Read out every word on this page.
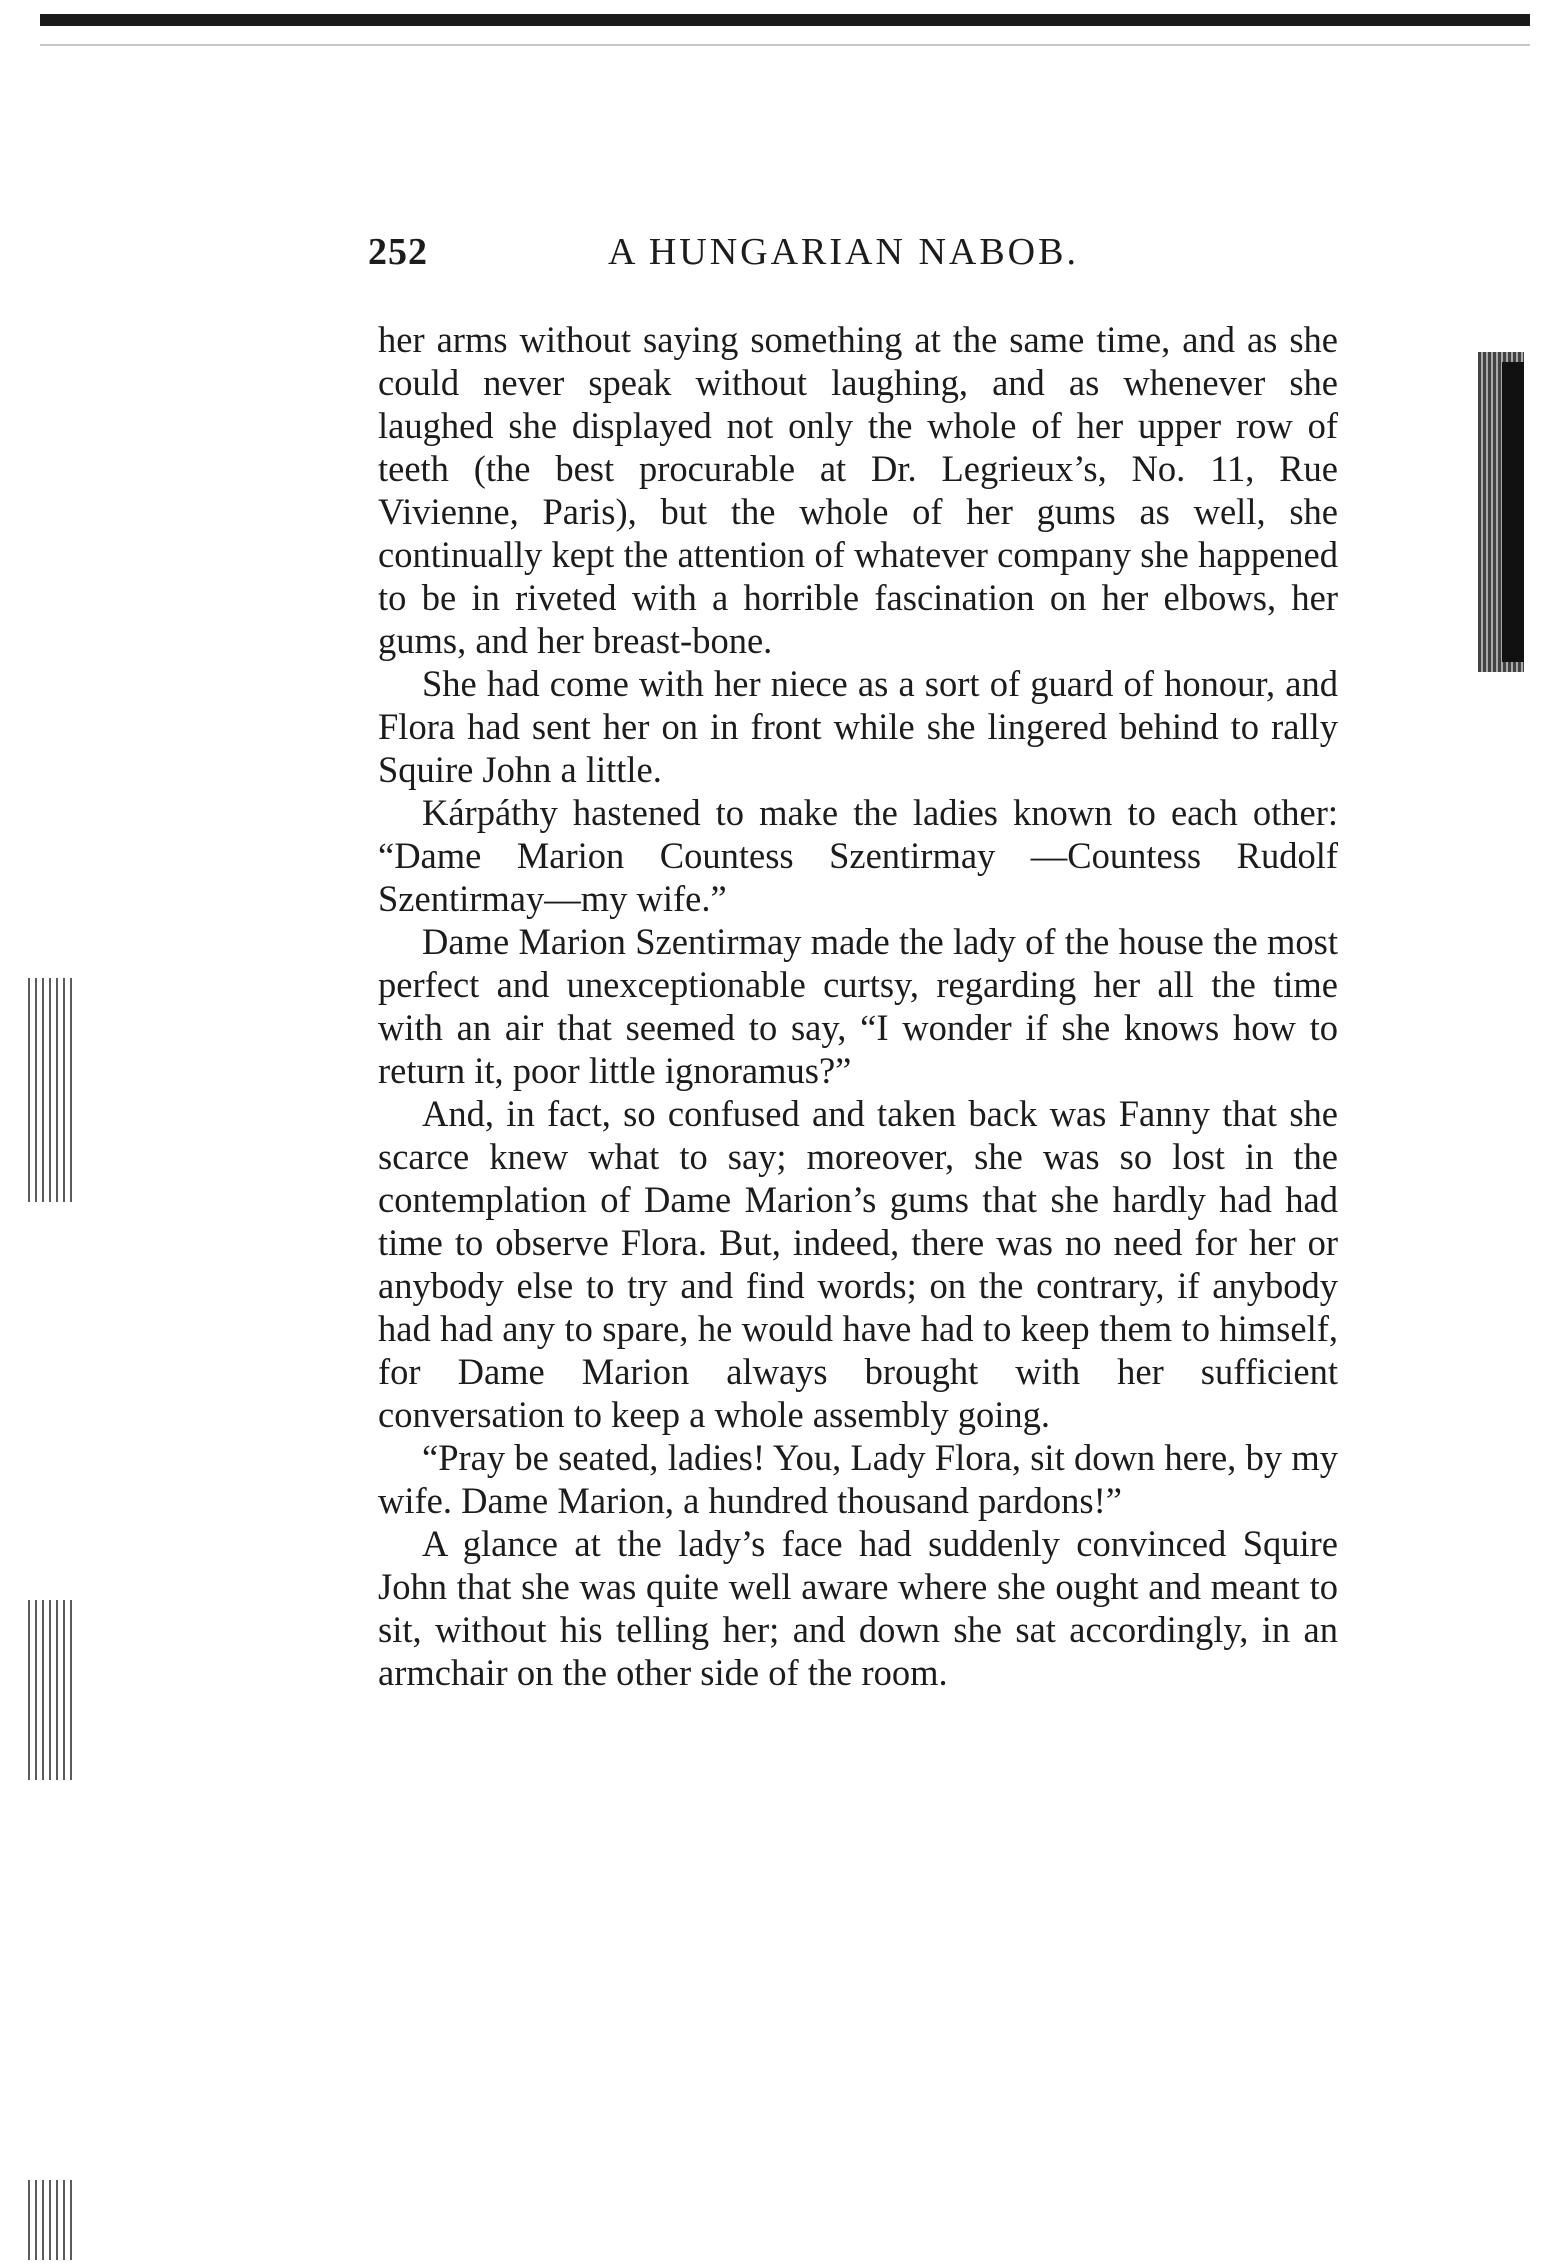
252	A HUNGARIAN NABOB.

her arms without saying something at the same time, and as she could never speak without laughing, and as whenever she laughed she displayed not only the whole of her upper row of teeth (the best procurable at Dr. Legrieux’s, No. 11, Rue Vivienne, Paris), but the whole of her gums as well, she continually kept the attention of whatever company she happened to be in riveted with a horrible fascination on her elbows, her gums, and her breast-bone.

She had come with her niece as a sort of guard of honour, and Flora had sent her on in front while she lingered behind to rally Squire John a little.

Kárpáthy hastened to make the ladies known to each other: “Dame Marion Countess Szentirmay —Countess Rudolf Szentirmay—my wife.”

Dame Marion Szentirmay made the lady of the house the most perfect and unexceptionable curtsy, regarding her all the time with an air that seemed to say, “I wonder if she knows how to return it, poor little ignoramus?”

And, in fact, so confused and taken back was Fanny that she scarce knew what to say; moreover, she was so lost in the contemplation of Dame Marion’s gums that she hardly had had time to observe Flora. But, indeed, there was no need for her or anybody else to try and find words; on the contrary, if anybody had had any to spare, he would have had to keep them to himself, for Dame Marion always brought with her sufficient conversation to keep a whole assembly going.

“Pray be seated, ladies! You, Lady Flora, sit down here, by my wife. Dame Marion, a hundred thousand pardons!”

A glance at the lady’s face had suddenly convinced Squire John that she was quite well aware where she ought and meant to sit, without his telling her; and down she sat accordingly, in an armchair on the other side of the room.
